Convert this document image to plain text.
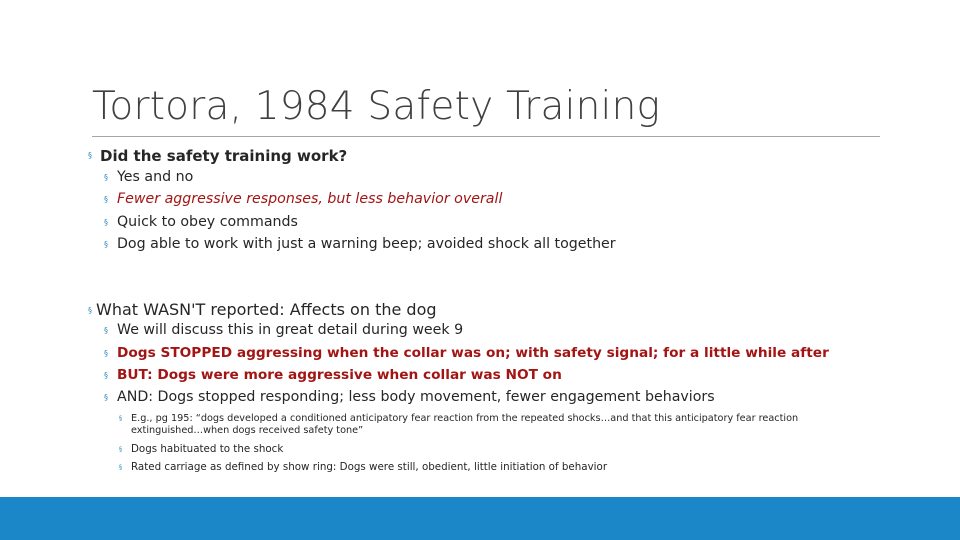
Tortora, 1984 Safety Training
§ Did the safety training work?
§ Yes and no
§ Fewer aggressive responses, but less behavior overall
§ Quick to obey commands
§ Dog able to work with just a warning beep; avoided shock all together
§ What WASN'T reported: Affects on the dog
§ We will discuss this in great detail during week 9
§ Dogs STOPPED aggressing when the collar was on; with safety signal; for a little while after
§ BUT: Dogs were more aggressive when collar was NOT on
§ AND: Dogs stopped responding; less body movement, fewer engagement behaviors
§ E.g., pg 195: “dogs developed a conditioned anticipatory fear reaction from the repeated shocks…and that this anticipatory fear reaction
extinguished…when dogs received safety tone”
§ Dogs habituated to the shock
§ Rated carriage as defined by show ring: Dogs were still, obedient, little initiation of behavior
